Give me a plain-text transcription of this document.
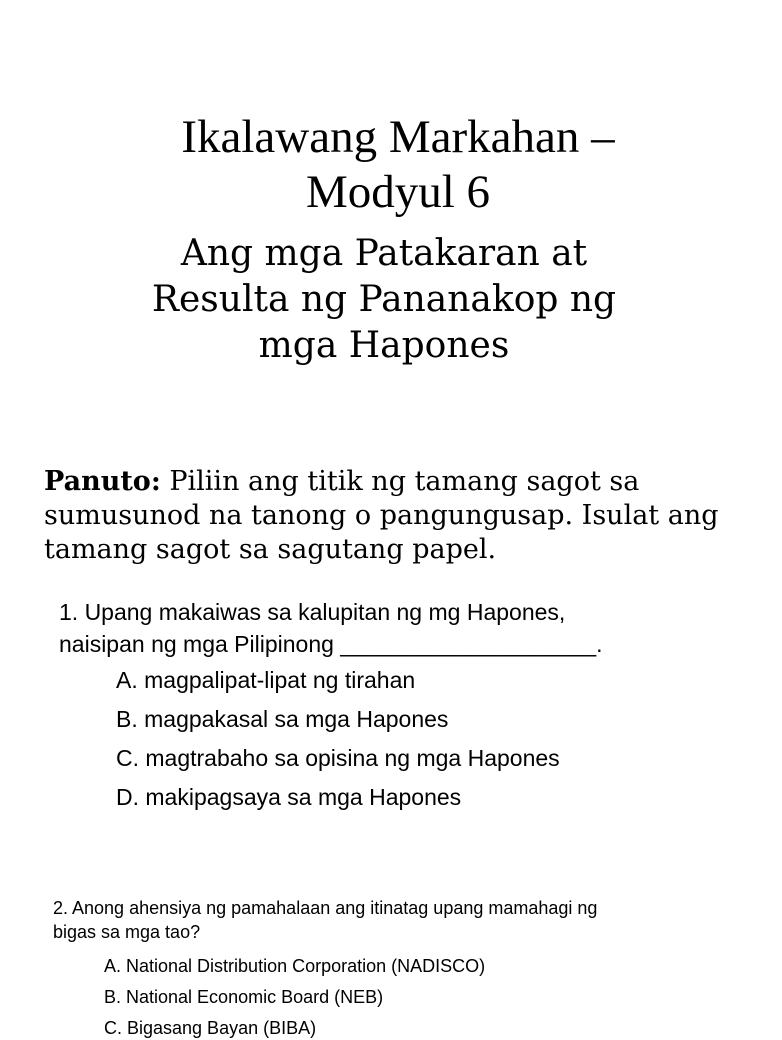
Ikalawang Markahan –
Modyul 6
Ang mga Patakaran at
Resulta ng Pananakop ng
mga Hapones
Panuto: Piliin ang titik ng tamang sagot sa sumusunod na tanong o pangungusap. Isulat ang tamang sagot sa sagutang papel.
1. Upang makaiwas sa kalupitan ng mg Hapones,
naisipan ng mga Pilipinong ____________________.
A. magpalipat-lipat ng tirahan
B. magpakasal sa mga Hapones
C. magtrabaho sa opisina ng mga Hapones
D. makipagsaya sa mga Hapones
2. Anong ahensiya ng pamahalaan ang itinatag upang mamahagi ng
bigas sa mga tao?
A. National Distribution Corporation (NADISCO)
B. National Economic Board (NEB)
C. Bigasang Bayan (BIBA)
